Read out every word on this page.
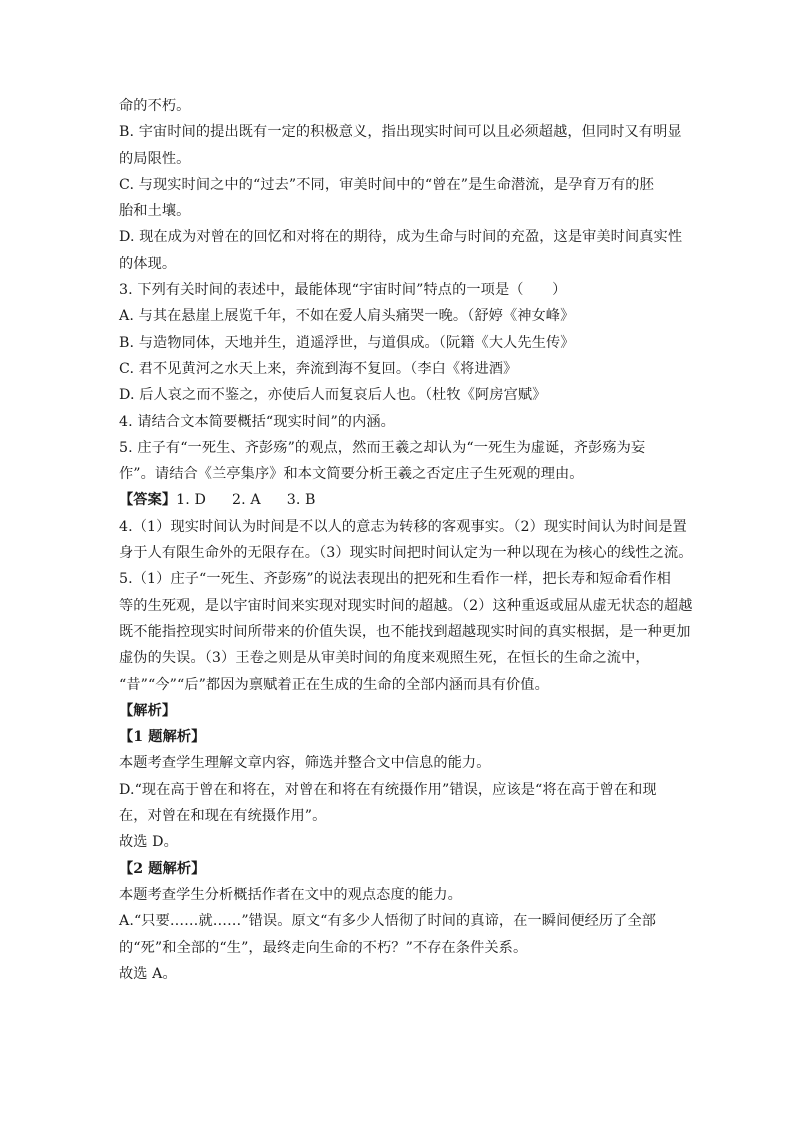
命的不朽。
B. 宇宙时间的提出既有一定的积极意义，指出现实时间可以且必须超越，但同时又有明显
的局限性。
C. 与现实时间之中的“过去”不同，审美时间中的“曾在”是生命潜流，是孕育万有的胚
胎和土壤。
D. 现在成为对曾在的回忆和对将在的期待，成为生命与时间的充盈，这是审美时间真实性
的体现。
3. 下列有关时间的表述中，最能体现“宇宙时间”特点的一项是（　　）
A. 与其在悬崖上展览千年，不如在爱人肩头痛哭一晚。（舒婷《神女峰》
B. 与造物同体，天地并生，逍遥浮世，与道俱成。（阮籍《大人先生传》
C. 君不见黄河之水天上来，奔流到海不复回。（李白《将进酒》
D. 后人哀之而不鉴之，亦使后人而复哀后人也。（杜牧《阿房宫赋》
4. 请结合文本简要概括“现实时间”的内涵。
5. 庄子有“一死生、齐彭殇”的观点，然而王羲之却认为“一死生为虚诞，齐彭殇为妄
作”。请结合《兰亭集序》和本文简要分析王羲之否定庄子生死观的理由。
【答案】1. D 2. A 3. B
4.（1）现实时间认为时间是不以人的意志为转移的客观事实。（2）现实时间认为时间是置
身于人有限生命外的无限存在。（3）现实时间把时间认定为一种以现在为核心的线性之流。
5.（1）庄子“一死生、齐彭殇”的说法表现出的把死和生看作一样，把长寿和短命看作相
等的生死观，是以宇宙时间来实现对现实时间的超越。（2）这种重返或屈从虚无状态的超越
既不能指控现实时间所带来的价值失误，也不能找到超越现实时间的真实根据，是一种更加
虚伪的失误。（3）王卷之则是从审美时间的角度来观照生死，在恒长的生命之流中，
“昔”“今”“后”都因为禀赋着正在生成的生命的全部内涵而具有价值。
【解析】
【1 题解析】
本题考查学生理解文章内容，筛选并整合文中信息的能力。
D.“现在高于曾在和将在，对曾在和将在有统摄作用”错误，应该是“将在高于曾在和现
在，对曾在和现在有统摄作用”。
故选 D。
【2 题解析】
本题考查学生分析概括作者在文中的观点态度的能力。
A.“只要……就……”错误。原文“有多少人悟彻了时间的真谛，在一瞬间便经历了全部
的“死”和全部的“生”，最终走向生命的不朽？”不存在条件关系。
故选 A。
